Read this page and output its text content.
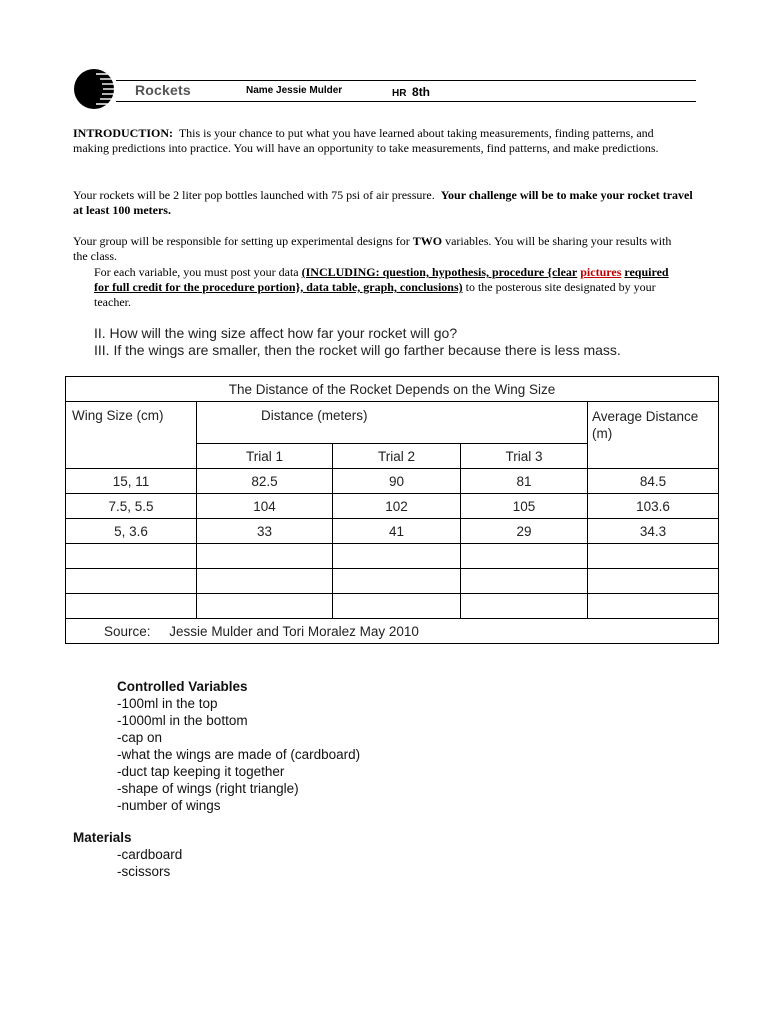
Rockets	Name Jessie Mulder	HR 8th
INTRODUCTION: This is your chance to put what you have learned about taking measurements, finding patterns, and making predictions into practice. You will have an opportunity to take measurements, find patterns, and make predictions.
Your rockets will be 2 liter pop bottles launched with 75 psi of air pressure. Your challenge will be to make your rocket travel at least 100 meters.
Your group will be responsible for setting up experimental designs for TWO variables. You will be sharing your results with the class.
For each variable, you must post your data (INCLUDING: question, hypothesis, procedure {clear pictures required for full credit for the procedure portion}, data table, graph, conclusions) to the posterous site designated by your teacher.
II. How will the wing size affect how far your rocket will go?
III. If the wings are smaller, then the rocket will go farther because there is less mass.
The Distance of the Rocket Depends on the Wing Size				
Wing Size (cm)	Distance (meters)			Average Distance (m)
	Trial 1	Trial 2	Trial 3	
15, 11	82.5	90	81	84.5
7.5, 5.5	104	102	105	103.6
5, 3.6	33	41	29	34.3

Source: Jessie Mulder and Tori Moralez May 2010				
Controlled Variables
-100ml in the top
-1000ml in the bottom
-cap on
-what the wings are made of (cardboard)
-duct tap keeping it together
-shape of wings (right triangle)
-number of wings
Materials
-cardboard
-scissors
